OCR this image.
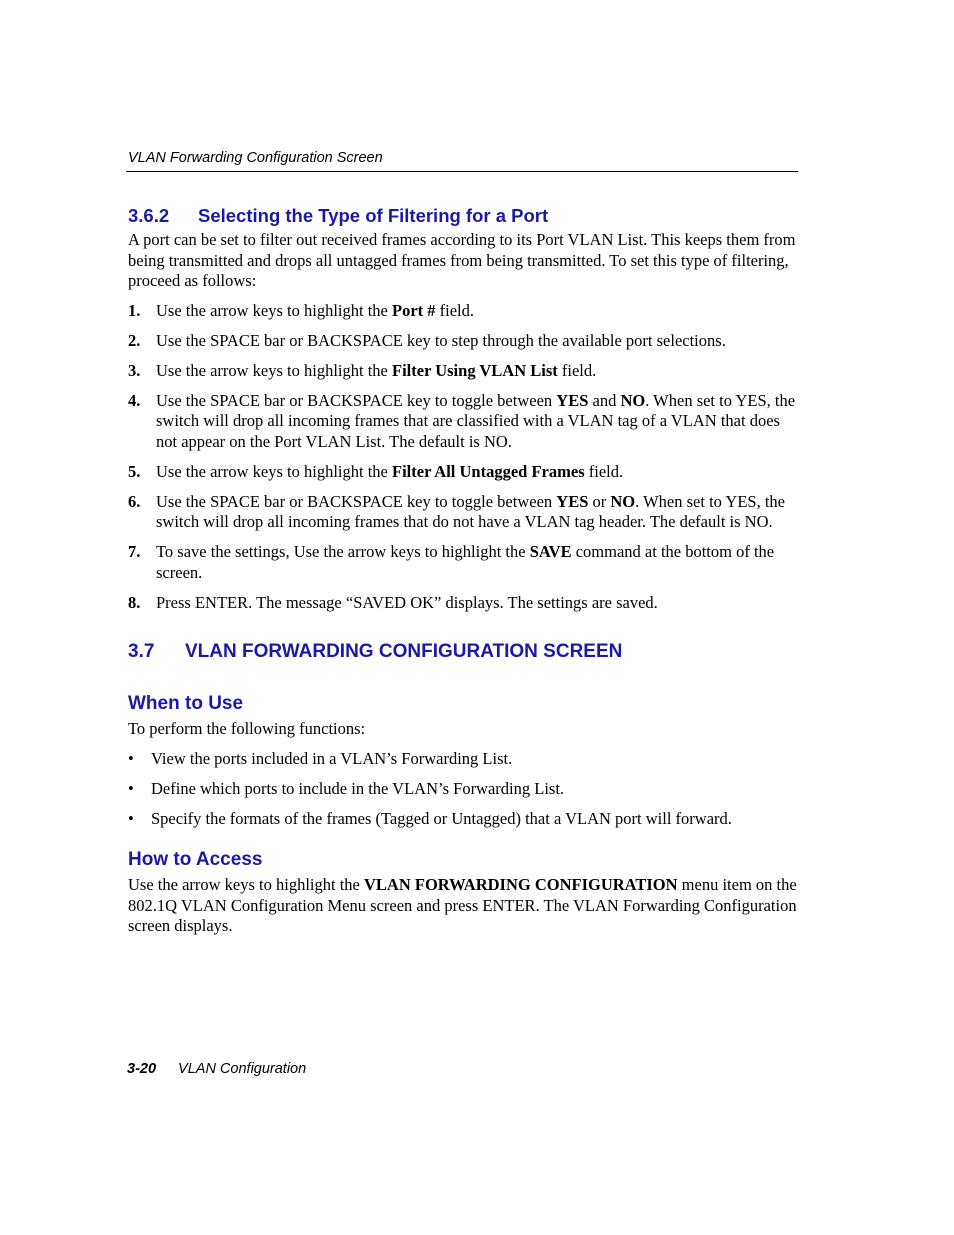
VLAN Forwarding Configuration Screen
3.6.2 Selecting the Type of Filtering for a Port

A port can be set to filter out received frames according to its Port VLAN List. This keeps them from being transmitted and drops all untagged frames from being transmitted. To set this type of filtering, proceed as follows:

1. Use the arrow keys to highlight the Port # field.
2. Use the SPACE bar or BACKSPACE key to step through the available port selections.
3. Use the arrow keys to highlight the Filter Using VLAN List field.
4. Use the SPACE bar or BACKSPACE key to toggle between YES and NO. When set to YES, the switch will drop all incoming frames that are classified with a VLAN tag of a VLAN that does not appear on the Port VLAN List. The default is NO.
5. Use the arrow keys to highlight the Filter All Untagged Frames field.
6. Use the SPACE bar or BACKSPACE key to toggle between YES or NO. When set to YES, the switch will drop all incoming frames that do not have a VLAN tag header. The default is NO.
7. To save the settings, Use the arrow keys to highlight the SAVE command at the bottom of the screen.
8. Press ENTER. The message “SAVED OK” displays. The settings are saved.
3.7 VLAN FORWARDING CONFIGURATION SCREEN
When to Use

To perform the following functions:

• View the ports included in a VLAN’s Forwarding List.
• Define which ports to include in the VLAN’s Forwarding List.
• Specify the formats of the frames (Tagged or Untagged) that a VLAN port will forward.
How to Access

Use the arrow keys to highlight the VLAN FORWARDING CONFIGURATION menu item on the 802.1Q VLAN Configuration Menu screen and press ENTER. The VLAN Forwarding Configuration screen displays.

3-20 VLAN Configuration
